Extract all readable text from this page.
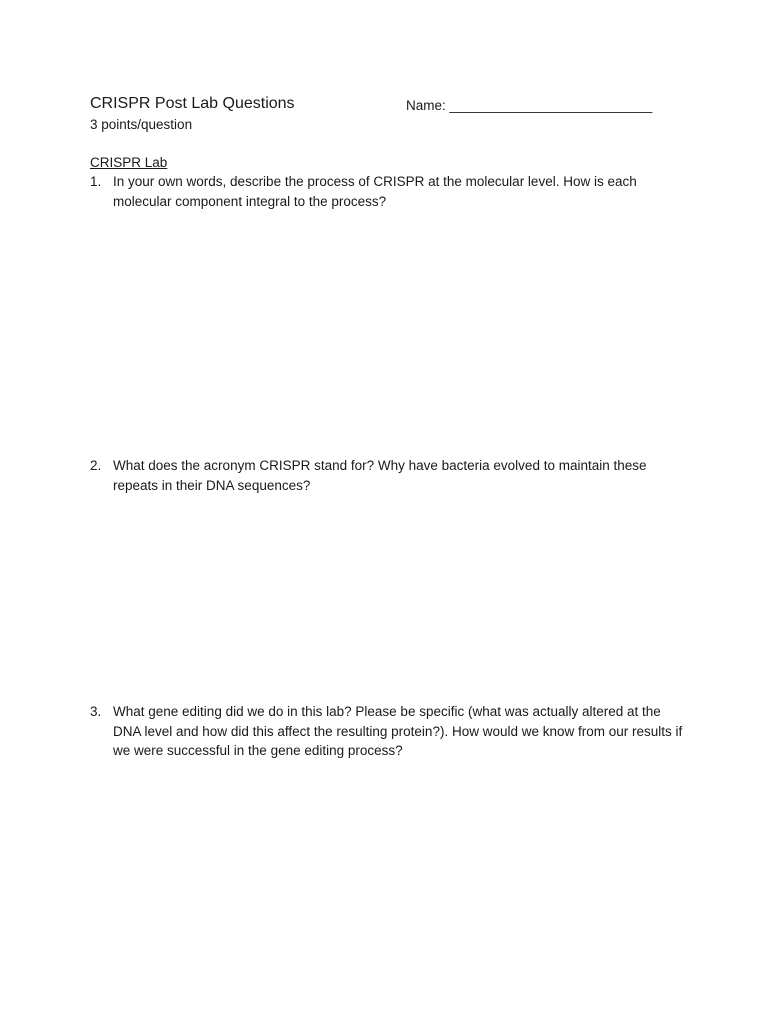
CRISPR Post Lab Questions	Name: ___________________________
3 points/question
CRISPR Lab
1. In your own words, describe the process of CRISPR at the molecular level. How is each molecular component integral to the process?
2. What does the acronym CRISPR stand for? Why have bacteria evolved to maintain these repeats in their DNA sequences?
3. What gene editing did we do in this lab? Please be specific (what was actually altered at the DNA level and how did this affect the resulting protein?). How would we know from our results if we were successful in the gene editing process?
